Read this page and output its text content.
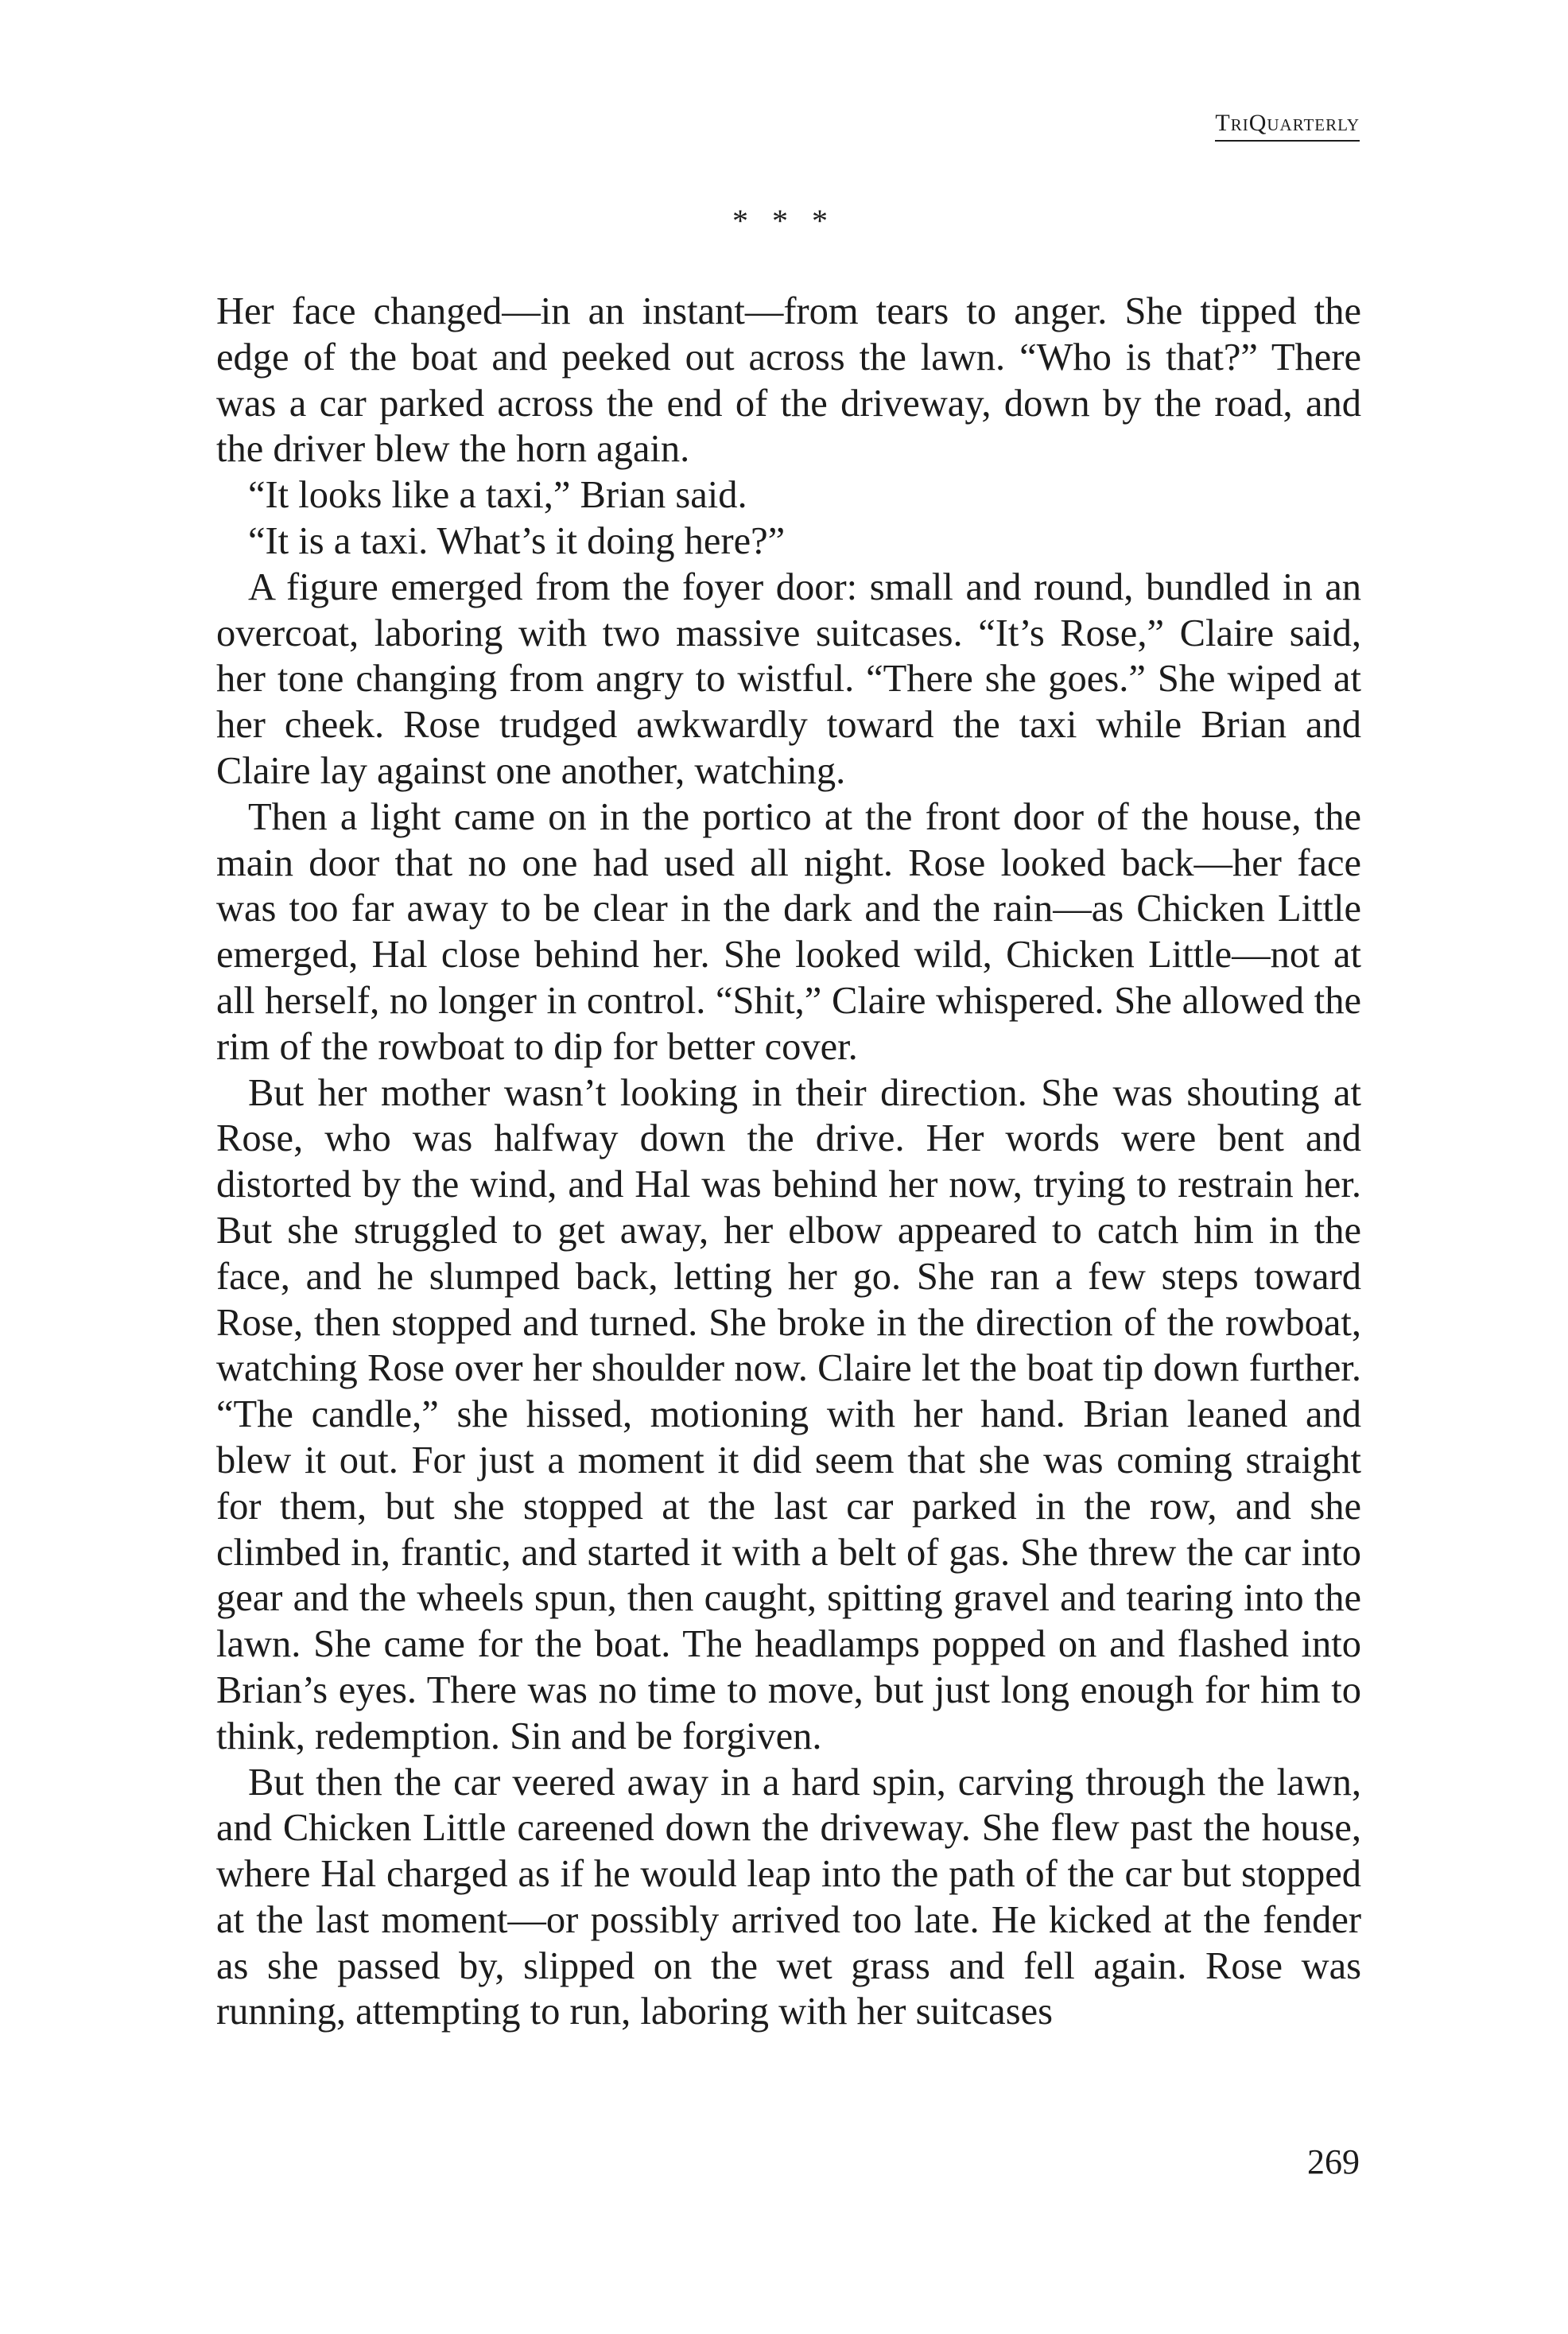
TriQuarterly
* * *

Her face changed—in an instant—from tears to anger. She tipped the edge of the boat and peeked out across the lawn. “Who is that?” There was a car parked across the end of the driveway, down by the road, and the driver blew the horn again.

“It looks like a taxi,” Brian said.

“It is a taxi. What’s it doing here?”

A figure emerged from the foyer door: small and round, bundled in an overcoat, laboring with two massive suitcases. “It’s Rose,” Claire said, her tone changing from angry to wistful. “There she goes.” She wiped at her cheek. Rose trudged awkwardly toward the taxi while Brian and Claire lay against one another, watching.

Then a light came on in the portico at the front door of the house, the main door that no one had used all night. Rose looked back—her face was too far away to be clear in the dark and the rain—as Chicken Little emerged, Hal close behind her. She looked wild, Chicken Little—not at all herself, no longer in control. “Shit,” Claire whispered. She allowed the rim of the rowboat to dip for better cover.

But her mother wasn’t looking in their direction. She was shouting at Rose, who was halfway down the drive. Her words were bent and distorted by the wind, and Hal was behind her now, trying to restrain her. But she struggled to get away, her elbow appeared to catch him in the face, and he slumped back, letting her go. She ran a few steps toward Rose, then stopped and turned. She broke in the direction of the rowboat, watching Rose over her shoulder now. Claire let the boat tip down further. “The candle,” she hissed, motioning with her hand. Brian leaned and blew it out. For just a moment it did seem that she was coming straight for them, but she stopped at the last car parked in the row, and she climbed in, frantic, and started it with a belt of gas. She threw the car into gear and the wheels spun, then caught, spitting gravel and tearing into the lawn. She came for the boat. The headlamps popped on and flashed into Brian’s eyes. There was no time to move, but just long enough for him to think, redemption. Sin and be forgiven.

But then the car veered away in a hard spin, carving through the lawn, and Chicken Little careened down the driveway. She flew past the house, where Hal charged as if he would leap into the path of the car but stopped at the last moment—or possibly arrived too late. He kicked at the fender as she passed by, slipped on the wet grass and fell again. Rose was running, attempting to run, laboring with her suitcases

269
